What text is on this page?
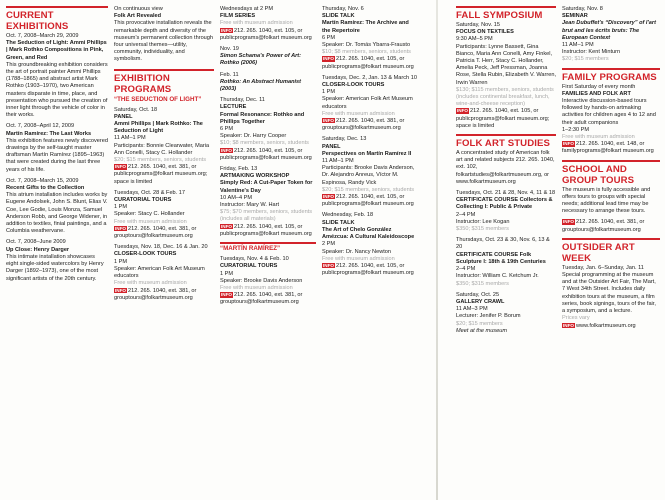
CURRENT EXHIBITIONS
Oct. 7, 2008–March 29, 2009
The Seduction of Light: Ammi Phillips | Mark Rothko Compositions in Pink, Green, and Red
This groundbreaking exhibition considers the art of portrait painter Ammi Phillips (1788–1865) and abstract artist Mark Rothko (1903–1970), two American masters disparate in time, place, and presentation who pursued the creation of inner light through the vehicle of color in their works.
Oct. 7, 2008–April 12, 2009
Martín Ramírez: The Last Works
This exhibition features newly discovered drawings by the self-taught master draftsman Martín Ramírez (1895–1963) that were created during the last three years of his life.
Oct. 7, 2008–March 15, 2009
Recent Gifts to the Collection
This atrium installation includes works by Eugene Andolsek, John S. Blunt, Elias V. Coe, Lee Godie, Louis Monza, Samuel Anderson Robb, and George Widener, in addition to textiles, finial paintings, and a Columbia weathervane.
Oct. 7, 2008–June 2009
Up Close: Henry Darger
This intimate installation showcases eight single-sided watercolors by Henry Darger (1892–1973), one of the most significant artists of the 20th century.
On continuous view
Folk Art Revealed
This provocative installation reveals the remarkable depth and diversity of the museum's permanent collection through four universal themes—utility, community, individuality, and symbolism.
EXHIBITION PROGRAMS
“THE SEDUCTION OF LIGHT”
Saturday, Oct. 18
PANEL
Ammi Phillips | Mark Rothko: The Seduction of Light
11 AM–1 PM
Participants: Bonnie Clearwater, Maria Ann Conelli, Stacy C. Hollander
$20; $15 members, seniors, students
INFO 212. 265. 1040, ext. 381, or publicprograms@folkart museum.org; space is limited
Tuesdays, Oct. 28 & Feb. 17
CURATORIAL TOURS
1 PM
Speaker: Stacy C. Hollander
Free with museum admission
INFO 212. 265. 1040, ext. 381, or grouptours@folkartmuseum.org
Tuesdays, Nov. 18, Dec. 16 & Jan. 20
CLOSER-LOOK TOURS
1 PM
Speaker: American Folk Art Museum educators
Free with museum admission
INFO 212. 265. 1040, ext. 381, or grouptours@folkartmuseum.org
Wednesdays at 2 PM
FILM SERIES
Free with museum admission
INFO 212. 265. 1040, ext. 105, or publicprograms@folkart museum.org
Nov. 19
Simon Schama's Power of Art: Rothko (2006)
Feb. 11
Rothko: An Abstract Humanist (2003)
Thursday, Dec. 11
LECTURE
Formal Resonance: Rothko and Phillips Together
6 PM
Speaker: Dr. Harry Cooper
$10; $8 members, seniors, students
INFO 212. 265. 1040, ext. 105, or publicprograms@folkart museum.org
Friday, Feb. 13
ARTMAKING WORKSHOP
Simply Red: A Cut-Paper Token for Valentine's Day
10 AM–4 PM
Instructor: Mary W. Hart
$75; $70 members, seniors, students (includes all materials)
INFO 212. 265. 1040, ext. 105, or publicprograms@folkart museum.org
“MARTÍN RAMÍREZ”
Tuesdays, Nov. 4 & Feb. 10
CURATORIAL TOURS
1 PM
Speaker: Brooke Davis Anderson
Free with museum admission
INFO 212. 265. 1040, ext. 381, or grouptours@folkartmuseum.org
Thursday, Nov. 6
SLIDE TALK
Martín Ramírez: The Archive and the Repertoire
6 PM
Speaker: Dr. Tomás Ybarra-Frausto
$10; $8 members, seniors, students
INFO 212. 265. 1040, ext. 105, or publicprograms@folkart museum.org
Tuesdays, Dec. 2, Jan. 13 & March 10
CLOSER-LOOK TOURS
1 PM
Speaker: American Folk Art Museum educators
Free with museum admission
INFO 212. 265. 1040, ext. 381, or grouptours@folkartmuseum.org
Saturday, Dec. 13
PANEL
Perspectives on Martín Ramírez II
11 AM–1 PM
Participants: Brooke Davis Anderson, Dr. Alejandro Anreus, Víctor M. Espinosa, Randy Vick
$20; $15 members, seniors, students
INFO 212. 265. 1040, ext. 105, or publicprograms@folkart museum.org
Wednesday, Feb. 18
SLIDE TALK
The Art of Chelo González Amézcua: A Cultural Kaleidoscope
2 PM
Speaker: Dr. Nancy Newton
Free with museum admission
INFO 212. 265. 1040, ext. 105, or publicprograms@folkart museum.org
FALL SYMPOSIUM
Saturday, Nov. 15
FOCUS ON TEXTILES
9:30 AM–5 PM
Participants: Lynne Bassett, Gina Bianco, Maria Ann Conelli, Amy Finkel, Patricia T. Herr, Stacy C. Hollander, Amelia Peck, Jeff Pressman, Joanna Rose, Stella Rubin, Elizabeth V. Warren, Irwin Warren
$130; $115 members, seniors, students (includes continental breakfast, lunch, wine-and-cheese reception)
INFO 212. 265. 1040, ext. 105, or publicprograms@folkart museum.org; space is limited
FOLK ART STUDIES
A concentrated study of American folk art and related subjects 212. 265. 1040, ext. 102, folkartstudies@folkartmuseum.org, or www.folkartmuseum.org
Tuesdays, Oct. 21 & 28, Nov. 4, 11 & 18
CERTIFICATE COURSE Collectors & Collecting I: Public & Private
2–4 PM
Instructor: Lee Kogan
$350; $315 members
Thursdays, Oct. 23 & 30, Nov. 6, 13 & 20
CERTIFICATE COURSE Folk Sculpture I: 18th & 19th Centuries
2–4 PM
Instructor: William C. Ketchum Jr.
$350; $315 members
Saturday, Oct. 25
GALLERY CRAWL
11 AM–3 PM
Lecturer: Jenifer P. Borum
$20; $15 members
Meet at the museum
Saturday, Nov. 8
SEMINAR
Jean Dubuffet's “Discovery” of l'art brut and les écrits bruts: The European Context
11 AM–1 PM
Instructor: Kent Minturn
$20; $15 members
FAMILY PROGRAMS
First Saturday of every month
FAMILIES AND FOLK ART
Interactive discussion-based tours followed by hands-on artmaking activities for children ages 4 to 12 and their adult companions
1–2:30 PM
Free with museum admission
INFO 212. 265. 1040, ext. 148, or familyprograms@folkart museum.org
SCHOOL AND GROUP TOURS
The museum is fully accessible and offers tours to groups with special needs; additional lead time may be necessary to arrange these tours.
INFO 212. 265. 1040, ext. 381, or grouptours@folkartmuseum.org
OUTSIDER ART WEEK
Tuesday, Jan. 6–Sunday, Jan. 11 Special programming at the museum and at the Outsider Art Fair, The Mart, 7 West 34th Street. Includes daily exhibition tours at the museum, a film series, book signings, tours of the fair, a symposium, and a lecture.
Prices vary
INFO www.folkartmuseum.org
